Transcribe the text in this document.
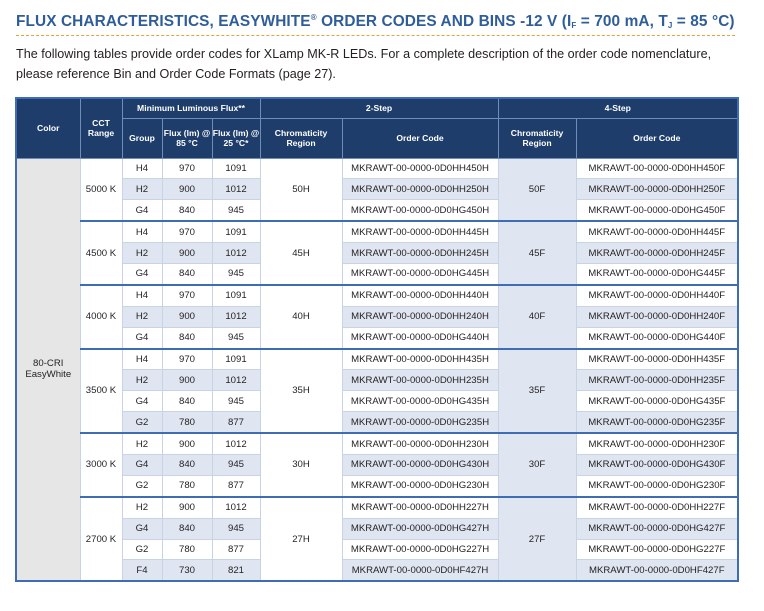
FLUX CHARACTERISTICS, EASYWHITE® ORDER CODES AND BINS -12 V ($I_F = 700$ mA, $T_J = 85$ °C)
The following tables provide order codes for XLamp MK-R LEDs. For a complete description of the order code nomenclature, please reference Bin and Order Code Formats (page 27).
Color	CCT Range	Minimum Luminous Flux**			2-Step		4-Step	
		Group	Flux (lm) @ 85 °C	Flux (lm) @ 25 °C*	Chromaticity Region	Order Code	Chromaticity Region	Order Code
80-CRI EasyWhite	5000 K	H4	970	1091	50H	MKRAWT-00-0000-0D0HH450H	50F	MKRAWT-00-0000-0D0HH450F
		H2	900	1012		MKRAWT-00-0000-0D0HH250H		MKRAWT-00-0000-0D0HH250F
		G4	840	945		MKRAWT-00-0000-0D0HG450H		MKRAWT-00-0000-0D0HG450F
	4500 K	H4	970	1091	45H	MKRAWT-00-0000-0D0HH445H	45F	MKRAWT-00-0000-0D0HH445F
		H2	900	1012		MKRAWT-00-0000-0D0HH245H		MKRAWT-00-0000-0D0HH245F
		G4	840	945		MKRAWT-00-0000-0D0HG445H		MKRAWT-00-0000-0D0HG445F
	4000 K	H4	970	1091	40H	MKRAWT-00-0000-0D0HH440H	40F	MKRAWT-00-0000-0D0HH440F
		H2	900	1012		MKRAWT-00-0000-0D0HH240H		MKRAWT-00-0000-0D0HH240F
		G4	840	945		MKRAWT-00-0000-0D0HG440H		MKRAWT-00-0000-0D0HG440F
	3500 K	H4	970	1091	35H	MKRAWT-00-0000-0D0HH435H	35F	MKRAWT-00-0000-0D0HH435F
		H2	900	1012		MKRAWT-00-0000-0D0HH235H		MKRAWT-00-0000-0D0HH235F
		G4	840	945		MKRAWT-00-0000-0D0HG435H		MKRAWT-00-0000-0D0HG435F
		G2	780	877		MKRAWT-00-0000-0D0HG235H		MKRAWT-00-0000-0D0HG235F
	3000 K	H2	900	1012	30H	MKRAWT-00-0000-0D0HH230H	30F	MKRAWT-00-0000-0D0HH230F
		G4	840	945		MKRAWT-00-0000-0D0HG430H		MKRAWT-00-0000-0D0HG430F
		G2	780	877		MKRAWT-00-0000-0D0HG230H		MKRAWT-00-0000-0D0HG230F
	2700 K	H2	900	1012	27H	MKRAWT-00-0000-0D0HH227H	27F	MKRAWT-00-0000-0D0HH227F
		G4	840	945		MKRAWT-00-0000-0D0HG427H		MKRAWT-00-0000-0D0HG427F
		G2	780	877		MKRAWT-00-0000-0D0HG227H		MKRAWT-00-0000-0D0HG227F
		F4	730	821		MKRAWT-00-0000-0D0HF427H		MKRAWT-00-0000-0D0HF427F
